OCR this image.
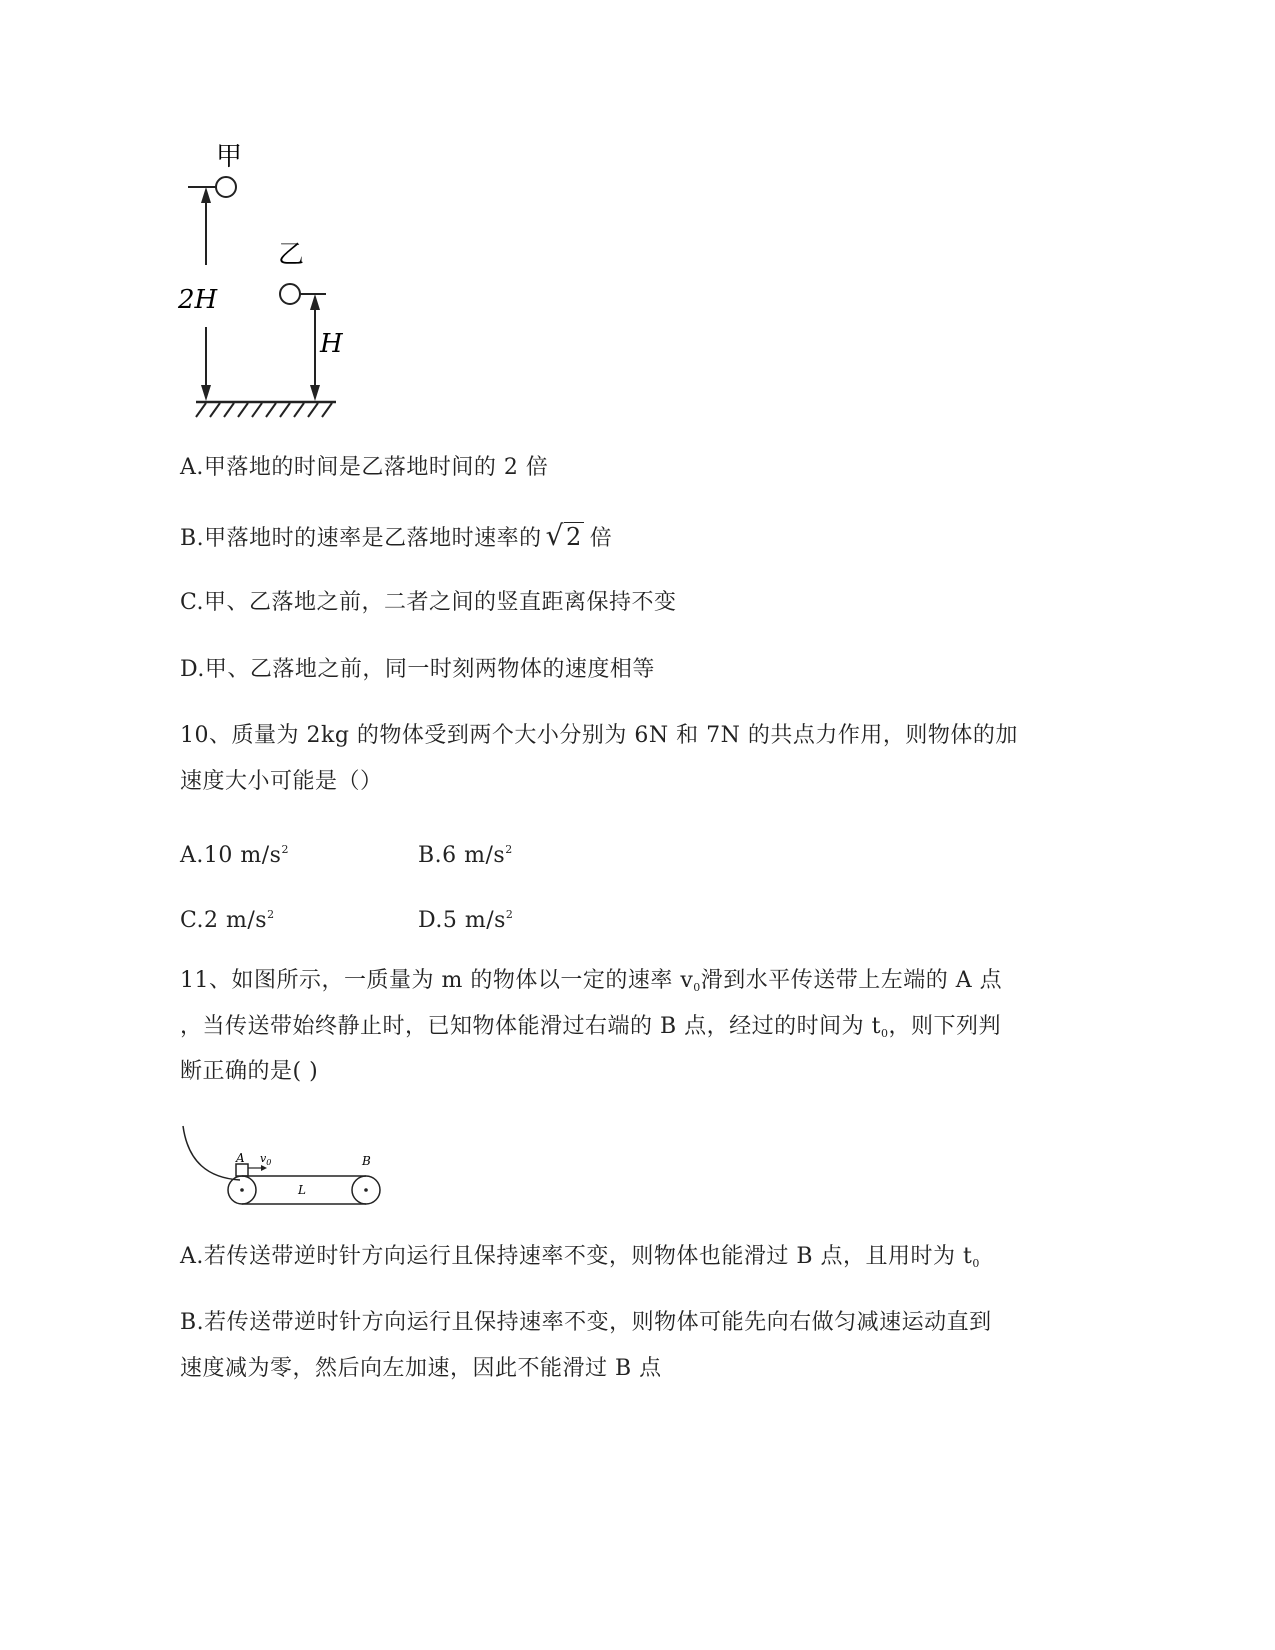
甲
2H
乙
H
A.甲落地的时间是乙落地时间的 2 倍
B.甲落地时的速率是乙落地时速率的 √2 倍
C.甲、乙落地之前，二者之间的竖直距离保持不变
D.甲、乙落地之前，同一时刻两物体的速度相等
10、质量为 2kg 的物体受到两个大小分别为 6N 和 7N 的共点力作用，则物体的加
速度大小可能是（）
A.10 $m/s^2$	B.6 $m/s^2$
C.2 $m/s^2$	D.5 $m/s^2$
11、如图所示，一质量为 m 的物体以一定的速率 $v_0$滑到水平传送带上左端的 A 点
，当传送带始终静止时，已知物体能滑过右端的 B 点，经过的时间为 $t_0$，则下列判
断正确的是( )
A $v_0$	B
L
A.若传送带逆时针方向运行且保持速率不变，则物体也能滑过 B 点，且用时为 $t_0$
B.若传送带逆时针方向运行且保持速率不变，则物体可能先向右做匀减速运动直到
速度减为零，然后向左加速，因此不能滑过 B 点
